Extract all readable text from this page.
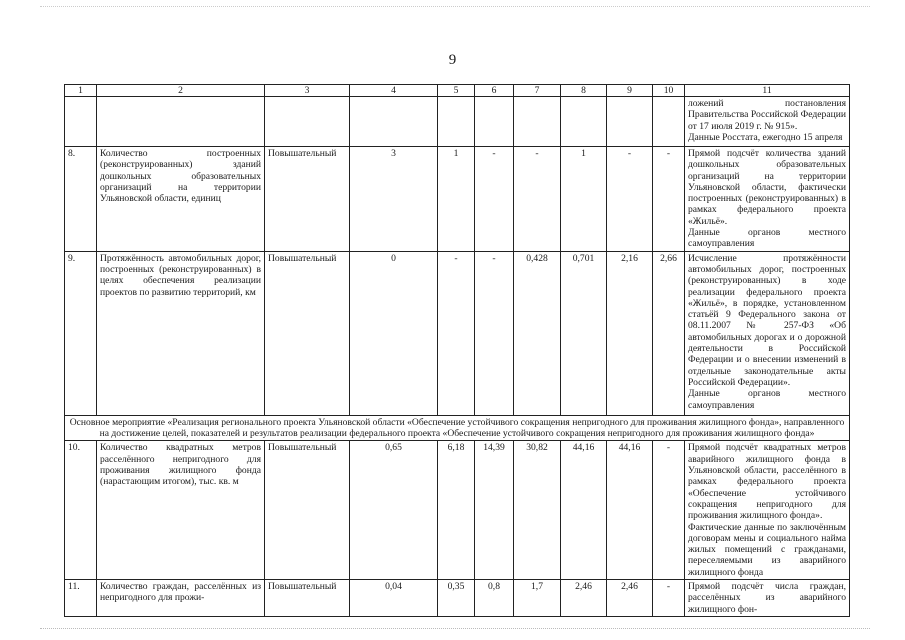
9
1	2	3	4	5	6	7	8	9	10	11

										ложений постановления Правительства Российской Федерации от 17 июля 2019 г. № 915».
Данные Росстата, ежегодно 15 апреля

8.	Количество построенных (реконструированных) зданий дошкольных образовательных организаций на территории Ульяновской области, единиц	Повышательный	3	1	-	-	1	-	-	Прямой подсчёт количества зданий дошкольных образовательных организаций на территории Ульяновской области, фактически построенных (реконструированных) в рамках федерального проекта «Жильё».
Данные органов местного самоуправления

9.	Протяжённость автомобильных дорог, построенных (реконструированных) в целях обеспечения реализации проектов по развитию территорий, км	Повышательный	0	-	-	0,428	0,701	2,16	2,66	Исчисление протяжённости автомобильных дорог, построенных (реконструированных) в ходе реализации федерального проекта «Жильё», в порядке, установленном статьёй 9 Федерального закона от 08.11.2007 № 257-ФЗ «Об автомобильных дорогах и о дорожной деятельности в Российской Федерации и о внесении изменений в отдельные законодательные акты Российской Федерации».
Данные органов местного самоуправления

Основное мероприятие «Реализация регионального проекта Ульяновской области «Обеспечение устойчивого сокращения непригодного для проживания жилищного фонда», направленного на достижение целей, показателей и результатов реализации федерального проекта «Обеспечение устойчивого сокращения непригодного для проживания жилищного фонда»										
10.	Количество квадратных метров расселённого непригодного для проживания жилищного фонда (нарастающим итогом), тыс. кв. м	Повышательный	0,65	6,18	14,39	30,82	44,16	44,16	-	Прямой подсчёт квадратных метров аварийного жилищного фонда в Ульяновской области, расселённого в рамках федерального проекта «Обеспечение устойчивого сокращения непригодного для проживания жилищного фонда».
Фактические данные по заключённым договорам мены и социального найма жилых помещений с гражданами, переселяемыми из аварийного жилищного фонда

11.	Количество граждан, расселённых из непригодного для прожи-	Повышательный	0,04	0,35	0,8	1,7	2,46	2,46	-	Прямой подсчёт числа граждан, расселённых из аварийного жилищного фон-
